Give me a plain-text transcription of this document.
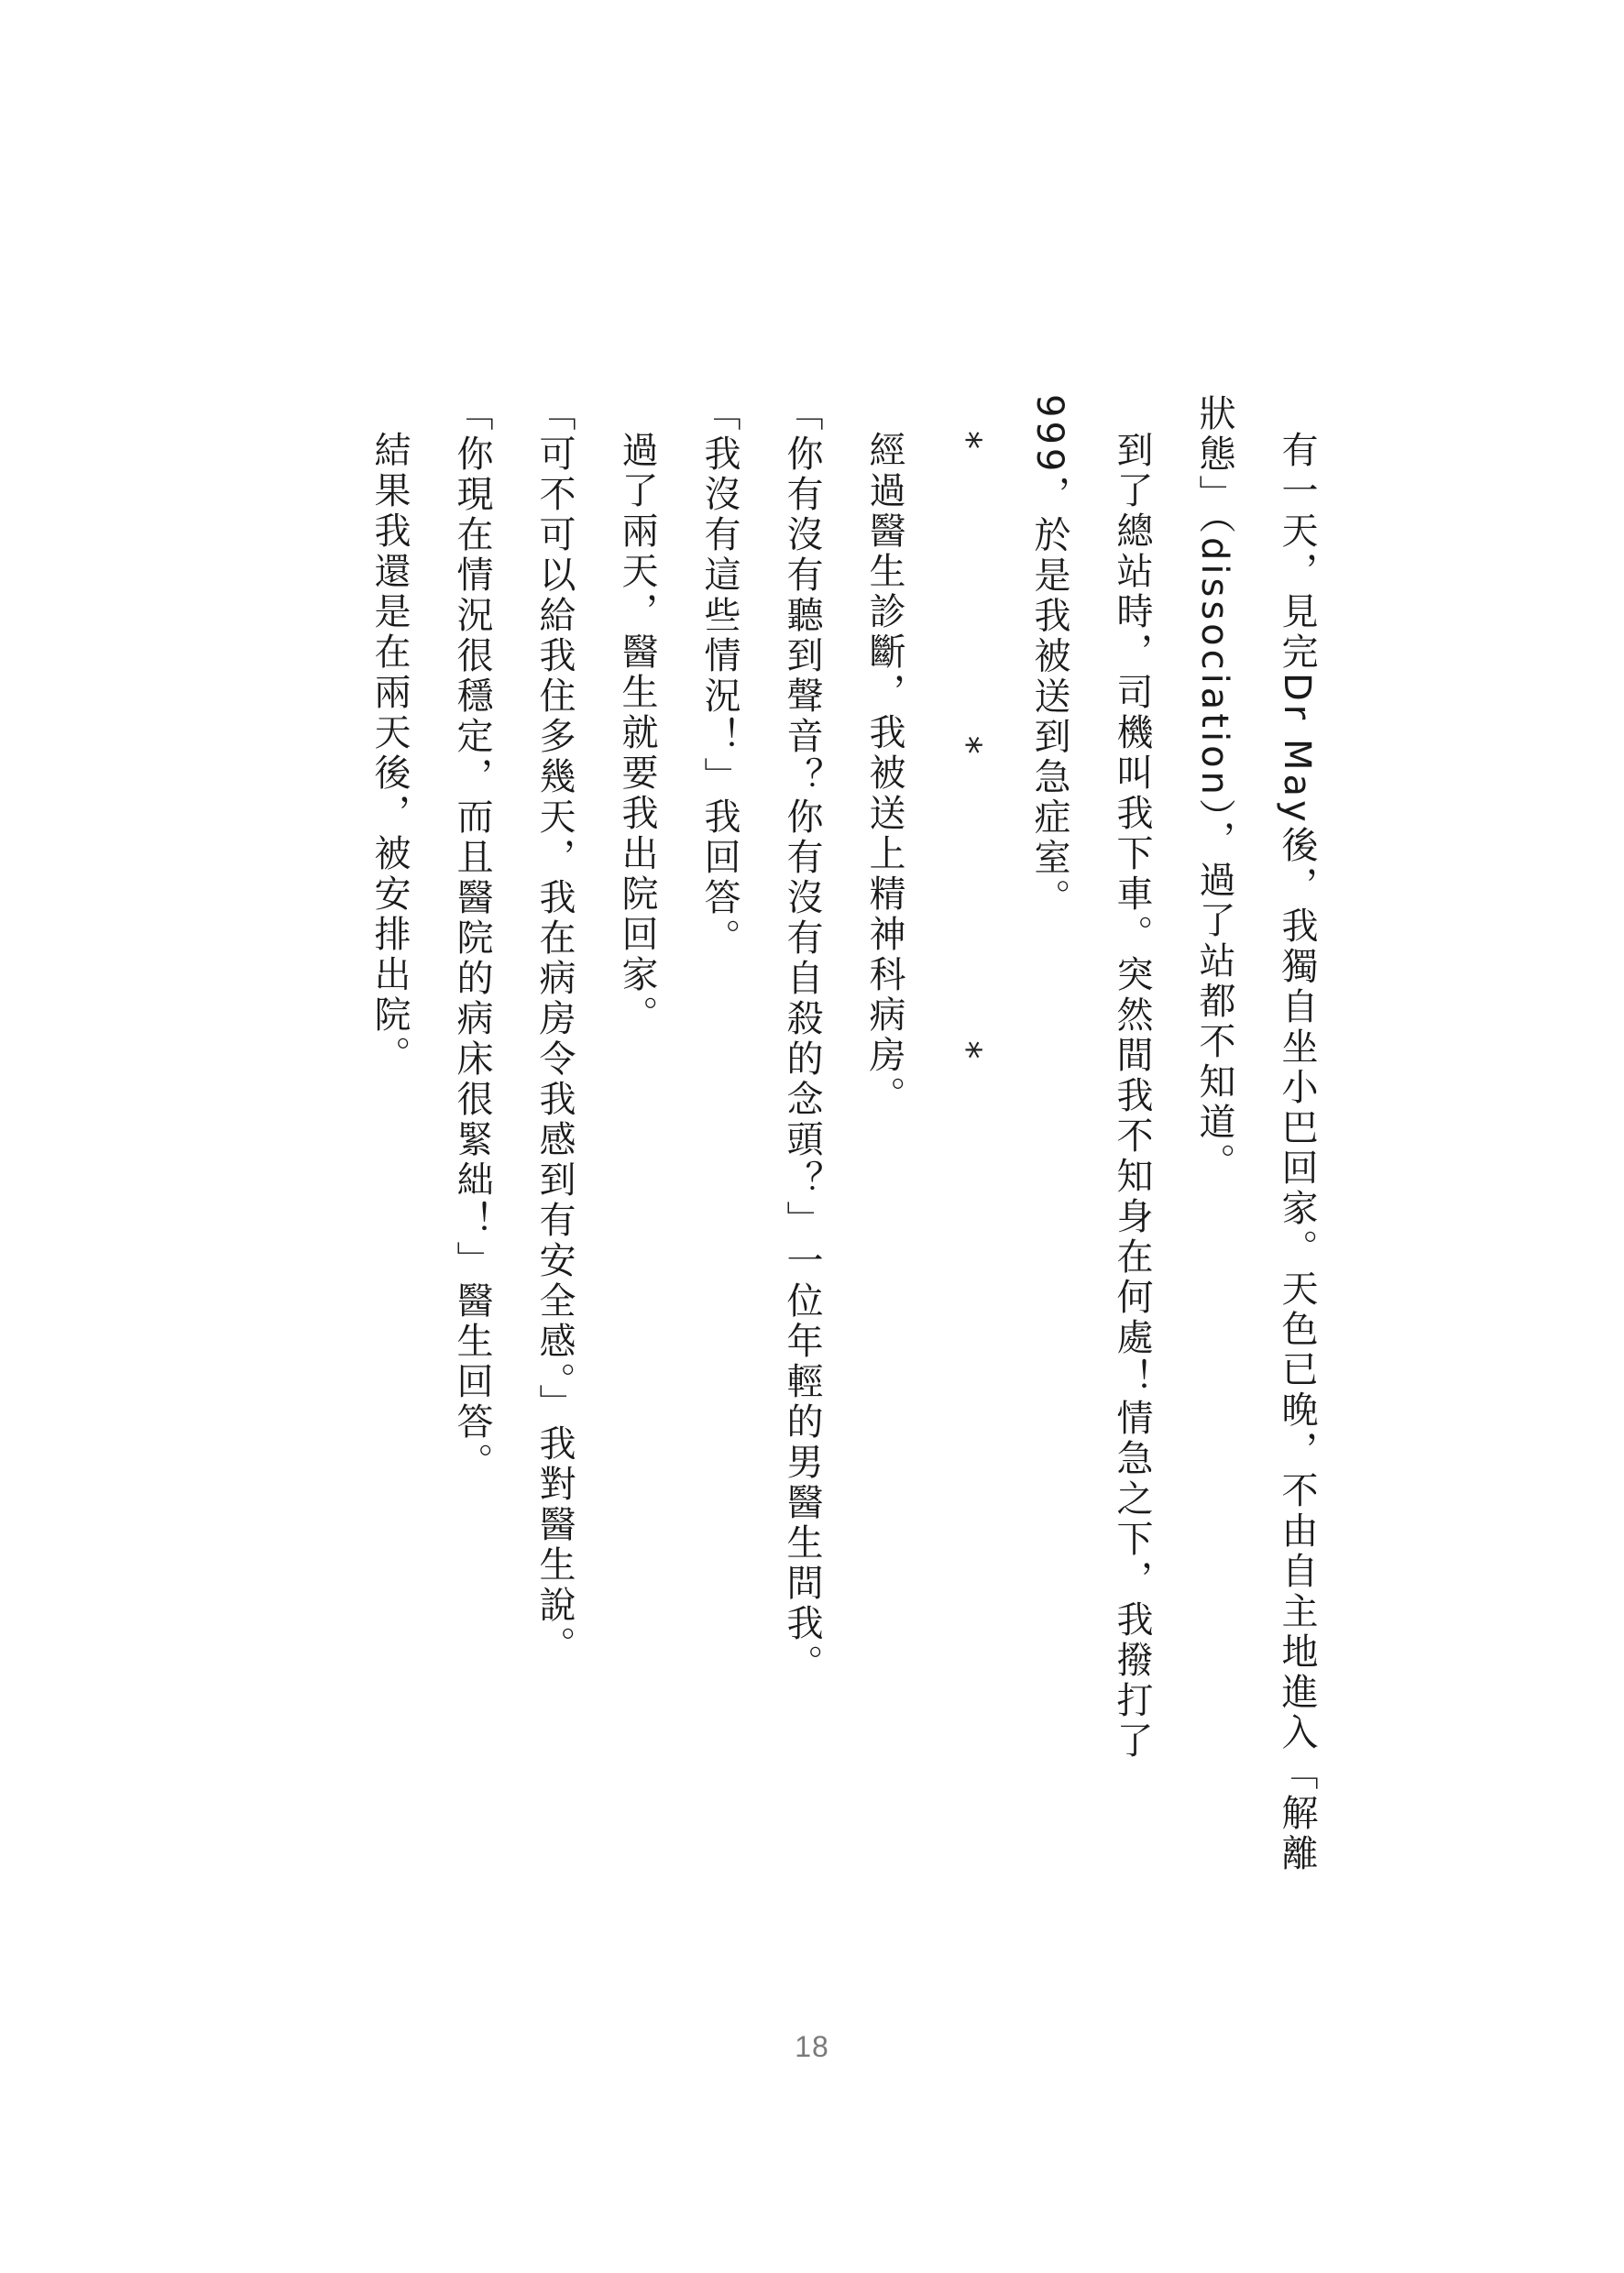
有一天，見完Dr May後，我獨自坐小巴回家。天色已晚，不由自主地進入「解離狀態」（dissociation），過了站都不知道。

到了總站時，司機叫我下車。突然間我不知身在何處！情急之下，我撥打了999，於是我被送到急症室。

* * *

經過醫生診斷，我被送上精神科病房。

「你有沒有聽到聲音？你有沒有自殺的念頭？」一位年輕的男醫生問我。

「我沒有這些情況！」我回答。

過了兩天，醫生就要我出院回家。

「可不可以給我住多幾天，我在病房令我感到有安全感。」我對醫生說。

「你現在情況很穩定，而且醫院的病床很緊絀！」醫生回答。

結果我還是在兩天後，被安排出院。

18
